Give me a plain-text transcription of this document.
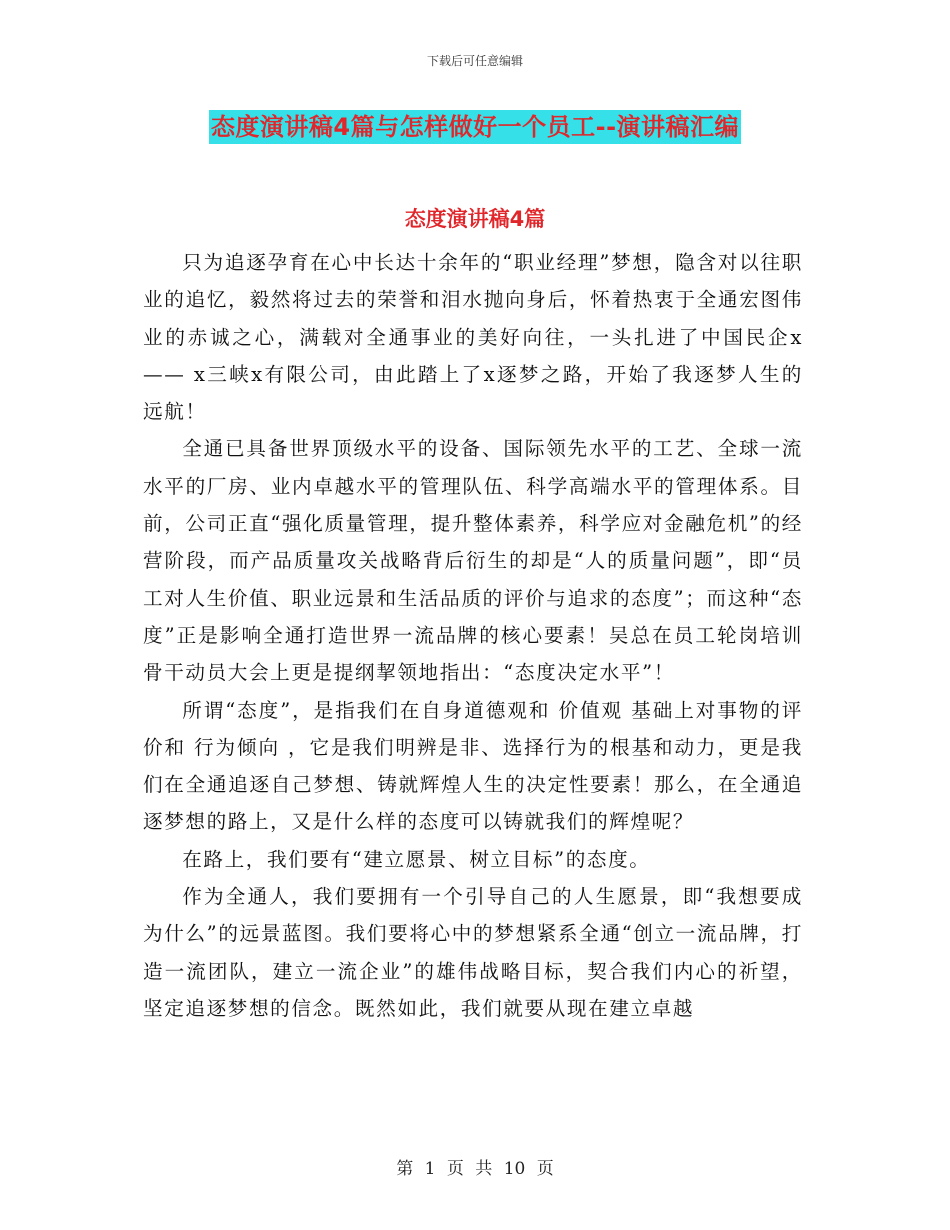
下载后可任意编辑
态度演讲稿4篇与怎样做好一个员工--演讲稿汇编
态度演讲稿4篇

只为追逐孕育在心中长达十余年的“职业经理”梦想，隐含对以往职业的追忆，毅然将过去的荣誉和泪水抛向身后，怀着热衷于全通宏图伟业的赤诚之心，满载对全通事业的美好向往，一头扎进了中国民企x —— x三峡x有限公司，由此踏上了x逐梦之路，开始了我逐梦人生的远航！

全通已具备世界顶级水平的设备、国际领先水平的工艺、全球一流水平的厂房、业内卓越水平的管理队伍、科学高端水平的管理体系。目前，公司正直“强化质量管理，提升整体素养，科学应对金融危机”的经营阶段，而产品质量攻关战略背后衍生的却是“人的质量问题”，即“员工对人生价值、职业远景和生活品质的评价与追求的态度”；而这种“态度”正是影响全通打造世界一流品牌的核心要素！吴总在员工轮岗培训骨干动员大会上更是提纲挈领地指出：“态度决定水平”！

所谓“态度”，是指我们在自身道德观和 价值观 基础上对事物的评价和 行为倾向 ，它是我们明辨是非、选择行为的根基和动力，更是我们在全通追逐自己梦想、铸就辉煌人生的决定性要素！那么，在全通追逐梦想的路上，又是什么样的态度可以铸就我们的辉煌呢？

在路上，我们要有“建立愿景、树立目标”的态度。

作为全通人，我们要拥有一个引导自己的人生愿景，即“我想要成为什么”的远景蓝图。我们要将心中的梦想紧系全通“创立一流品牌，打造一流团队，建立一流企业”的雄伟战略目标，契合我们内心的祈望，坚定追逐梦想的信念。既然如此，我们就要从现在建立卓越

第 1 页 共 10 页
